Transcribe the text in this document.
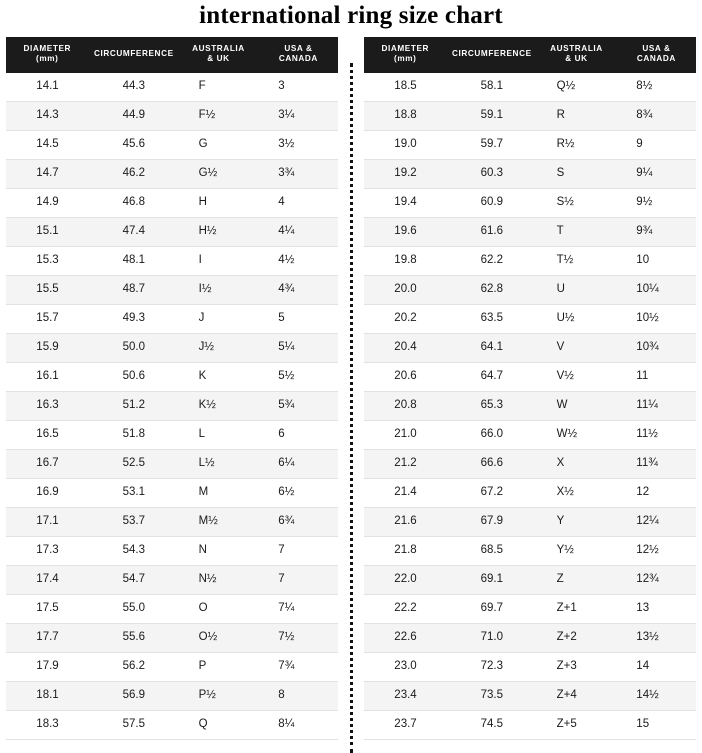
international ring size chart
DIAMETER
(mm)	CIRCUMFERENCE	AUSTRALIA
& UK	USA &
CANADA
14.1	44.3	F	3
14.3	44.9	F½	3¼
14.5	45.6	G	3½
14.7	46.2	G½	3¾
14.9	46.8	H	4
15.1	47.4	H½	4¼
15.3	48.1	I	4½
15.5	48.7	I½	4¾
15.7	49.3	J	5
15.9	50.0	J½	5¼
16.1	50.6	K	5½
16.3	51.2	K½	5¾
16.5	51.8	L	6
16.7	52.5	L½	6¼
16.9	53.1	M	6½
17.1	53.7	M½	6¾
17.3	54.3	N	7
17.4	54.7	N½	7
17.5	55.0	O	7¼
17.7	55.6	O½	7½
17.9	56.2	P	7¾
18.1	56.9	P½	8
18.3	57.5	Q	8¼
DIAMETER
(mm)	CIRCUMFERENCE	AUSTRALIA
& UK	USA &
CANADA
18.5	58.1	Q½	8½
18.8	59.1	R	8¾
19.0	59.7	R½	9
19.2	60.3	S	9¼
19.4	60.9	S½	9½
19.6	61.6	T	9¾
19.8	62.2	T½	10
20.0	62.8	U	10¼
20.2	63.5	U½	10½
20.4	64.1	V	10¾
20.6	64.7	V½	11
20.8	65.3	W	11¼
21.0	66.0	W½	11½
21.2	66.6	X	11¾
21.4	67.2	X½	12
21.6	67.9	Y	12¼
21.8	68.5	Y½	12½
22.0	69.1	Z	12¾
22.2	69.7	Z+1	13
22.6	71.0	Z+2	13½
23.0	72.3	Z+3	14
23.4	73.5	Z+4	14½
23.7	74.5	Z+5	15
